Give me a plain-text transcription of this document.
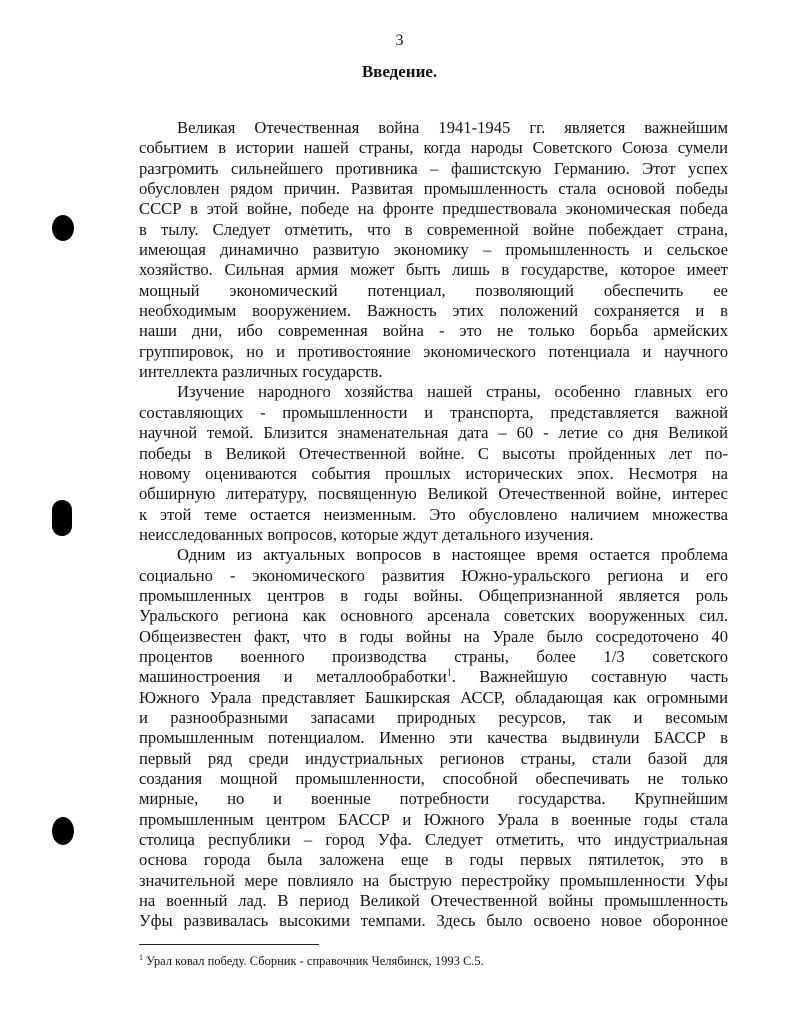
3
Введение.
Великая Отечественная война 1941-1945 гг. является важнейшим
событием в истории нашей страны, когда народы Советского Союза сумели
разгромить сильнейшего противника – фашистскую Германию. Этот успех
обусловлен рядом причин. Развитая промышленность стала основой победы
СССР в этой войне, победе на фронте предшествовала экономическая победа
в тылу. Следует отметить, что в современной войне побеждает страна,
имеющая динамично развитую экономику – промышленность и сельское
хозяйство. Сильная армия может быть лишь в государстве, которое имеет
мощный экономический потенциал, позволяющий обеспечить ее
необходимым вооружением. Важность этих положений сохраняется и в
наши дни, ибо современная война - это не только борьба армейских
группировок, но и противостояние экономического потенциала и научного
интеллекта различных государств.
Изучение народного хозяйства нашей страны, особенно главных его
составляющих - промышленности и транспорта, представляется важной
научной темой. Близится знаменательная дата – 60 - летие со дня Великой
победы в Великой Отечественной войне. С высоты пройденных лет по-
новому оцениваются события прошлых исторических эпох. Несмотря на
обширную литературу, посвященную Великой Отечественной войне, интерес
к этой теме остается неизменным. Это обусловлено наличием множества
неисследованных вопросов, которые ждут детального изучения.
Одним из актуальных вопросов в настоящее время остается проблема
социально - экономического развития Южно-уральского региона и его
промышленных центров в годы войны. Общепризнанной является роль
Уральского региона как основного арсенала советских вооруженных сил.
Общеизвестен факт, что в годы войны на Урале было сосредоточено 40
процентов военного производства страны, более 1/3 советского
машиностроения и металлообработки$^1$. Важнейшую составную часть
Южного Урала представляет Башкирская АССР, обладающая как огромными
и разнообразными запасами природных ресурсов, так и весомым
промышленным потенциалом. Именно эти качества выдвинули БАССР в
первый ряд среди индустриальных регионов страны, стали базой для
создания мощной промышленности, способной обеспечивать не только
мирные, но и военные потребности государства. Крупнейшим
промышленным центром БАССР и Южного Урала в военные годы стала
столица республики – город Уфа. Следует отметить, что индустриальная
основа города была заложена еще в годы первых пятилеток, это в
значительной мере повлияло на быструю перестройку промышленности Уфы
на военный лад. В период Великой Отечественной войны промышленность
Уфы развивалась высокими темпами. Здесь было освоено новое оборонное
$^1$ Урал ковал победу. Сборник - справочник Челябинск, 1993 С.5.
